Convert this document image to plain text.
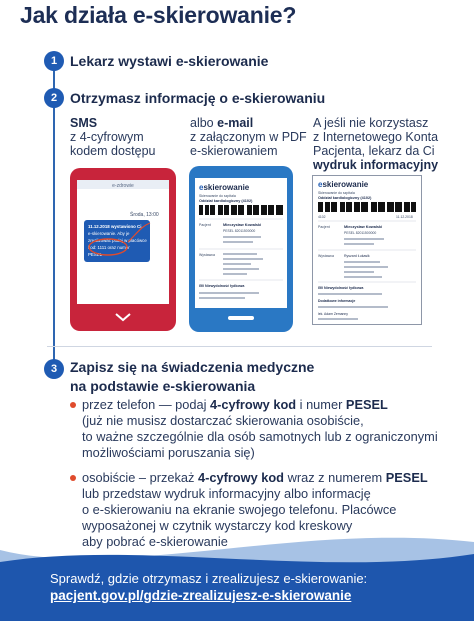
Jak działa e-skierowanie?
1 Lekarz wystawi e-skierowanie
2 Otrzymasz informację o e-skierowaniu
SMS
z 4-cyfrowym
kodem dostępu
albo e-mail
z załączonym w PDF
e-skierowaniem
A jeśli nie korzystasz
z Internetowego Konta
Pacjenta, lekarz da Ci
wydruk informacyjny
e-zdrowie
Środa, 13:00
11.12.2018 wystawiono Ci
e-skierowanie. Aby je
zrealizować podaj w placówce
kod: 1111 oraz numer
PESEL
eskierowanie
Skierowanie do szpitala
Oddział kardiologiczny (4102)
Pacjent	Mieczysław Kowalski
PESEL 82011500000
Wystawca
I50 Niewydolność łydkowa
eskierowanie
Skierowanie do szpitala
Oddział kardiologiczny (4102)
4102	11.12.2018
Pacjent	Mieczysław Kowalski
PESEL 82011500000
Wystawca	Ryszard Łukasik
I50 Niewydolność łydkowa
Dodatkowe informacje
lek. Adam Zemanny
3 Zapisz się na świadczenia medyczne
na podstawie e-skierowania
przez telefon — podaj 4-cyfrowy kod i numer PESEL
(już nie musisz dostarczać skierowania osobiście,
to ważne szczególnie dla osób samotnych lub z ograniczonymi
możliwościami poruszania się)
osobiście – przekaż 4-cyfrowy kod wraz z numerem PESEL
lub przedstaw wydruk informacyjny albo informację
o e-skierowaniu na ekranie swojego telefonu. Placówce
wyposażonej w czytnik wystarczy kod kreskowy
aby pobrać e-skierowanie
Sprawdź, gdzie otrzymasz i zrealizujesz e-skierowanie:
pacjent.gov.pl/gdzie-zrealizujesz-e-skierowanie
